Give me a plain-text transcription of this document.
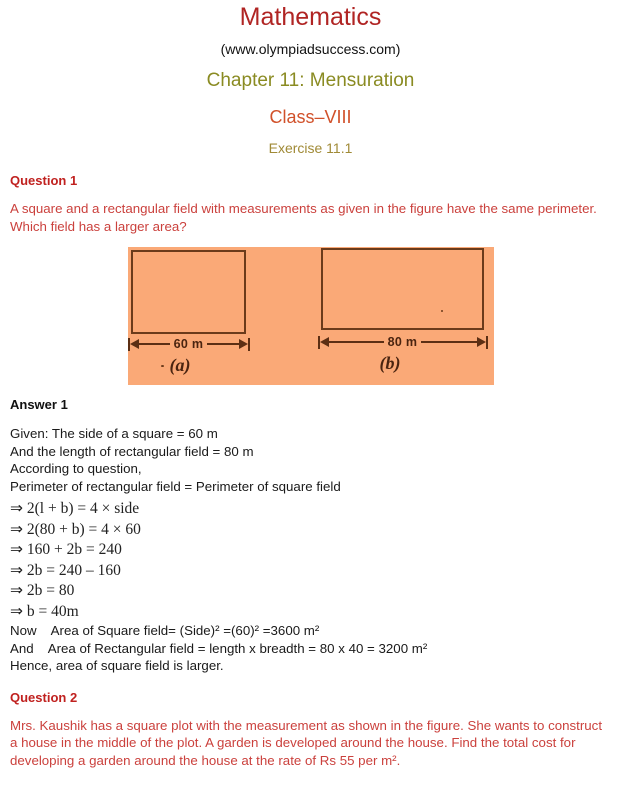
Mathematics
(www.olympiadsuccess.com)
Chapter 11: Mensuration
Class–VIII
Exercise 11.1
Question 1
A square and a rectangular field with measurements as given in the figure have the same perimeter. Which field has a larger area?
60 m	80 m
(a)	(b)
Answer 1
Given: The side of a square = 60 m
And the length of rectangular field = 80 m
According to question,
Perimeter of rectangular field = Perimeter of square field
⇒ 2(l + b) = 4 × side
⇒ 2(80 + b) = 4 × 60
⇒ 160 + 2b = 240
⇒ 2b = 240 – 160
⇒ 2b = 80
⇒ b = 40m
Now Area of Square field= (Side)² =(60)² =3600 m²
And Area of Rectangular field = length x breadth = 80 x 40 = 3200 m²
Hence, area of square field is larger.
Question 2
Mrs. Kaushik has a square plot with the measurement as shown in the figure. She wants to construct a house in the middle of the plot. A garden is developed around the house. Find the total cost for developing a garden around the house at the rate of Rs 55 per m².
